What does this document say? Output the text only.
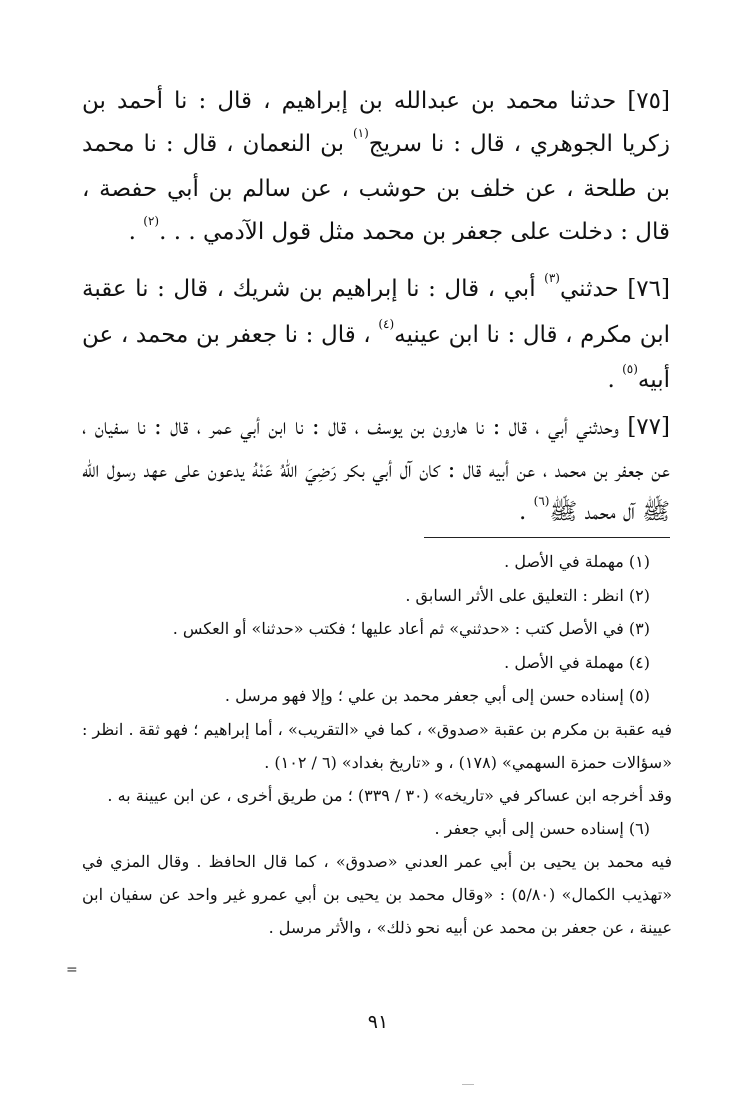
[٧٥] حدثنا محمد بن عبدالله بن إبراهيم ، قال : نا أحمد بن زكريا الجوهري ، قال : نا سريج$^{(١)}$ بن النعمان ، قال : نا محمد بن طلحة ، عن خلف بن حوشب ، عن سالم بن أبي حفصة ، قال : دخلت على جعفر بن محمد مثل قول الآدمي . . .$^{(٢)}$ .

[٧٦] حدثني$^{(٣)}$ أبي ، قال : نا إبراهيم بن شريك ، قال : نا عقبة ابن مكرم ، قال : نا ابن عينيه$^{(٤)}$ ، قال : نا جعفر بن محمد ، عن أبيه$^{(٥)}$ .

[٧٧] وحدثني أبي ، قال : نا هارون بن يوسف ، قال : نا ابن أبي عمر ، قال : نا سفيان ، عن جعفر بن محمد ، عن أبيه قال : كان آل أبي بكر رَضِيَ اللهُ عَنْهُ يدعون على عهد رسول الله ﷺ آل محمد ﷺ$^{(٦)}$ .

(١) مهملة في الأصل .

(٢) انظر : التعليق على الأثر السابق .

(٣) في الأصل كتب : «حدثني» ثم أعاد عليها ؛ فكتب «حدثنا» أو العكس .

(٤) مهملة في الأصل .

(٥) إسناده حسن إلى أبي جعفر محمد بن علي ؛ وإلا فهو مرسل .

فيه عقبة بن مكرم بن عقبة «صدوق» ، كما في «التقريب» ، أما إبراهيم ؛ فهو ثقة . انظر : «سؤالات حمزة السهمي» (١٧٨) ، و «تاريخ بغداد» (٦ / ١٠٢) .

وقد أخرجه ابن عساكر في «تاريخه» (٣٠ / ٣٣٩) ؛ من طريق أخرى ، عن ابن عيينة به .

(٦) إسناده حسن إلى أبي جعفر .

فيه محمد بن يحيى بن أبي عمر العدني «صدوق» ، كما قال الحافظ . وقال المزي في «تهذيب الكمال» (٥/٨٠) : «وقال محمد بن يحيى بن أبي عمرو غير واحد عن سفيان ابن عيينة ، عن جعفر بن محمد عن أبيه نحو ذلك» ، والأثر مرسل .

=
٩١
